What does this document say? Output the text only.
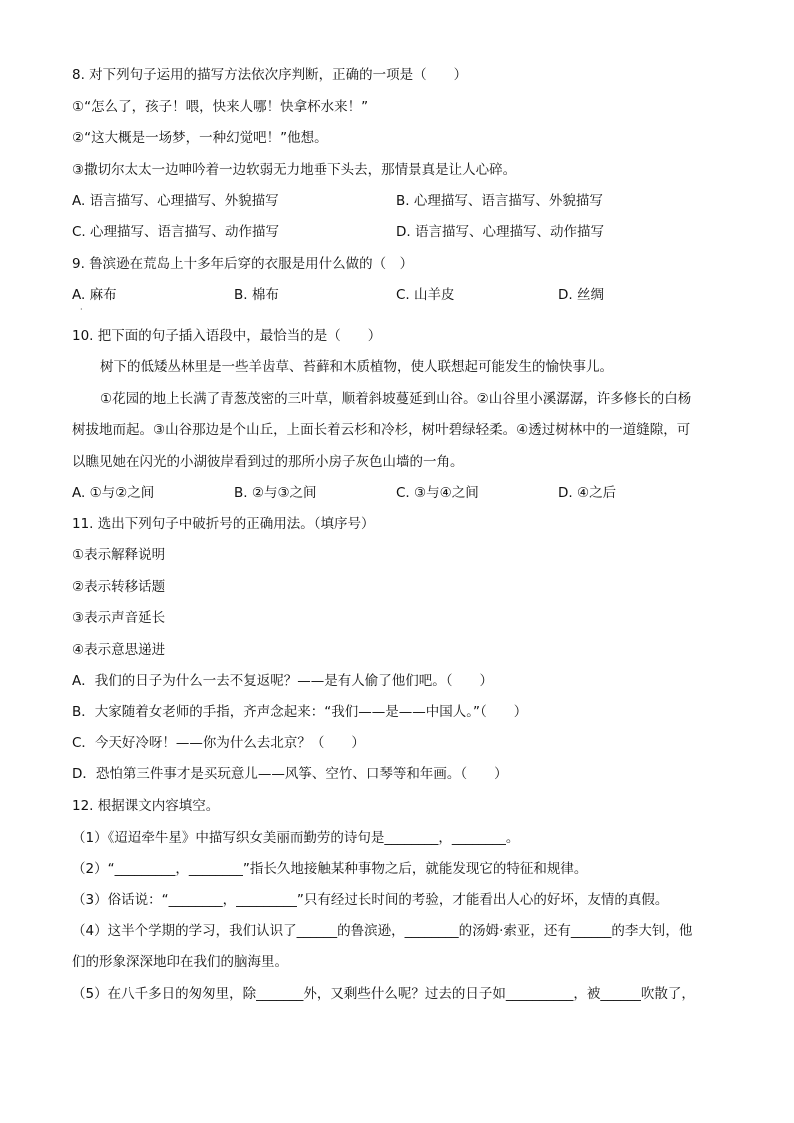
8. 对下列句子运用的描写方法依次序判断，正确的一项是（　　）
①“怎么了，孩子！喂，快来人哪！快拿杯水来！”
②“这大概是一场梦，一种幻觉吧！”他想。
③撒切尔太太一边呻吟着一边软弱无力地垂下头去，那情景真是让人心碎。
A. 语言描写、心理描写、外貌描写	B. 心理描写、语言描写、外貌描写
C. 心理描写、语言描写、动作描写	D. 语言描写、心理描写、动作描写
9. 鲁滨逊在荒岛上十多年后穿的衣服是用什么做的（　）
A. 麻布	B. 棉布	C. 山羊皮	D. 丝绸
·
10. 把下面的句子插入语段中，最恰当的是（　　）
树下的低矮丛林里是一些羊齿草、苔藓和木质植物，使人联想起可能发生的愉快事儿。
①花园的地上长满了青葱茂密的三叶草，顺着斜坡蔓延到山谷。②山谷里小溪潺潺，许多修长的白杨
树拔地而起。③山谷那边是个山丘，上面长着云杉和冷杉，树叶碧绿轻柔。④透过树林中的一道缝隙，可
以瞧见她在闪光的小湖彼岸看到过的那所小房子灰色山墙的一角。
A. ①与②之间	B. ②与③之间	C. ③与④之间	D. ④之后
11. 选出下列句子中破折号的正确用法。（填序号）
①表示解释说明
②表示转移话题
③表示声音延长
④表示意思递进
A．我们的日子为什么一去不复返呢？——是有人偷了他们吧。（　　）
B．大家随着女老师的手指，齐声念起来：“我们——是——中国人。”（　　）
C．今天好冷呀！——你为什么去北京？（　　）
D．恐怕第三件事才是买玩意儿——风筝、空竹、口琴等和年画。（　　）
12. 根据课文内容填空。
（1）《迢迢牵牛星》中描写织女美丽而勤劳的诗句是________，________。
（2）“_________，________”指长久地接触某种事物之后，就能发现它的特征和规律。
（3）俗话说：“________，_________”只有经过长时间的考验，才能看出人心的好坏，友情的真假。
（4）这半个学期的学习，我们认识了______的鲁滨逊，________的汤姆·索亚，还有______的李大钊，他
们的形象深深地印在我们的脑海里。
（5）在八千多日的匆匆里，除_______外，又剩些什么呢？过去的日子如__________，被______吹散了，
